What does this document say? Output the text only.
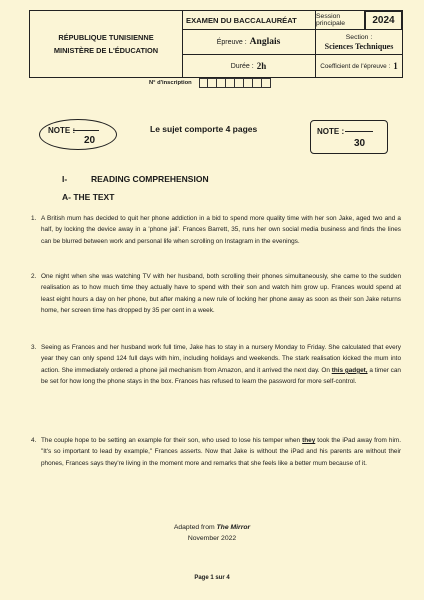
RÉPUBLIQUE TUNISIENNE
MINISTÈRE DE L'ÉDUCATION
EXAMEN DU BACCALAURÉAT	Session principale	2024
Épreuve : Anglais	Section :
Sciences Techniques
Durée : 2h	Coefficient de l'épreuve : 1
N° d'inscription
NOTE :
20
Le sujet comporte 4 pages	NOTE :
30
I-	READING COMPREHENSION
A- THE TEXT
1. A British mum has decided to quit her phone addiction in a bid to spend more quality time with her son Jake, aged two and a half, by locking the device away in a 'phone jail'. Frances Barrett, 35, runs her own social media business and finds the lines can be blurred between work and personal life when scrolling on Instagram in the evenings.
2. One night when she was watching TV with her husband, both scrolling their phones simultaneously, she came to the sudden realisation as to how much time they actually have to spend with their son and watch him grow up. Frances would spend at least eight hours a day on her phone, but after making a new rule of locking her phone away as soon as their son Jake returns home, her screen time has dropped by 35 per cent in a week.
3. Seeing as Frances and her husband work full time, Jake has to stay in a nursery Monday to Friday. She calculated that every year they can only spend 124 full days with him, including holidays and weekends. The stark realisation kicked the mum into action. She immediately ordered a phone jail mechanism from Amazon, and it arrived the next day. On this gadget, a timer can be set for how long the phone stays in the box. Frances has refused to learn the password for more self-control.
4. The couple hope to be setting an example for their son, who used to lose his temper when they took the iPad away from him. "It's so important to lead by example," Frances asserts. Now that Jake is without the iPad and his parents are without their phones, Frances says they're living in the moment more and remarks that she feels like a better mum because of it.
Adapted from The Mirror
November 2022
Page 1 sur 4
